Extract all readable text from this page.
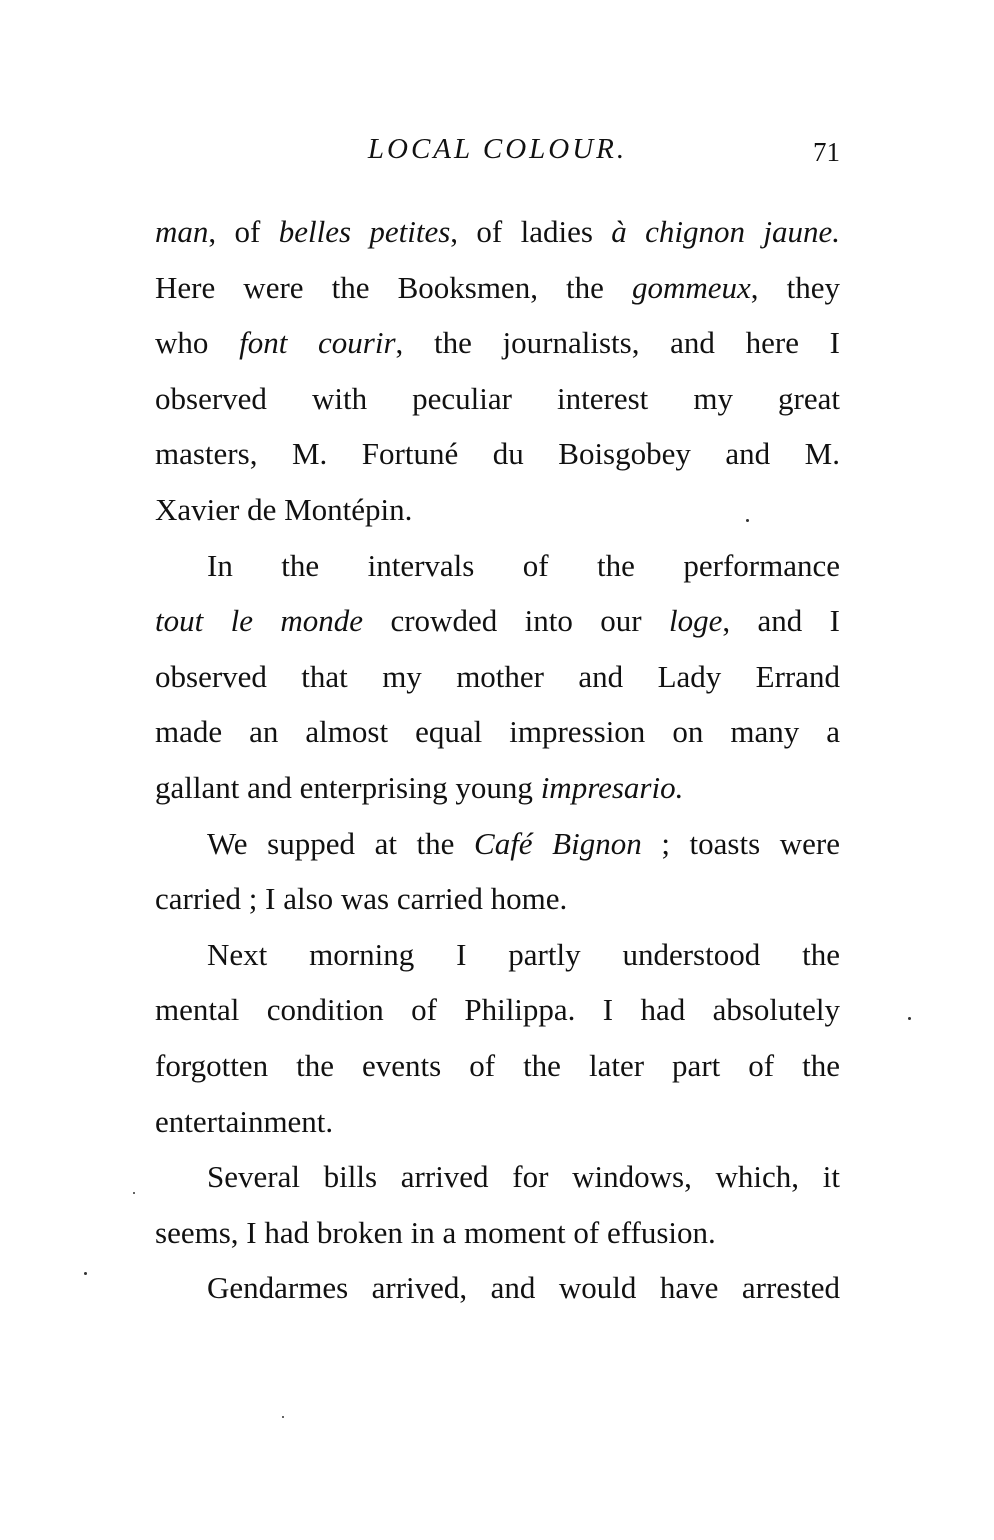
LOCAL COLOUR.	71
man, of belles petites, of ladies à chignon jaune.
Here were the Booksmen, the gommeux, they
who font courir, the journalists, and here I
observed with peculiar interest my great
masters, M. Fortuné du Boisgobey and M.
Xavier de Montépin.
In the intervals of the performance
tout le monde crowded into our loge, and I
observed that my mother and Lady Errand
made an almost equal impression on many a
gallant and enterprising young impresario.
We supped at the Café Bignon ; toasts were
carried ; I also was carried home.
Next morning I partly understood the
mental condition of Philippa. I had absolutely
forgotten the events of the later part of the
entertainment.
Several bills arrived for windows, which, it
seems, I had broken in a moment of effusion.
Gendarmes arrived, and would have arrested
